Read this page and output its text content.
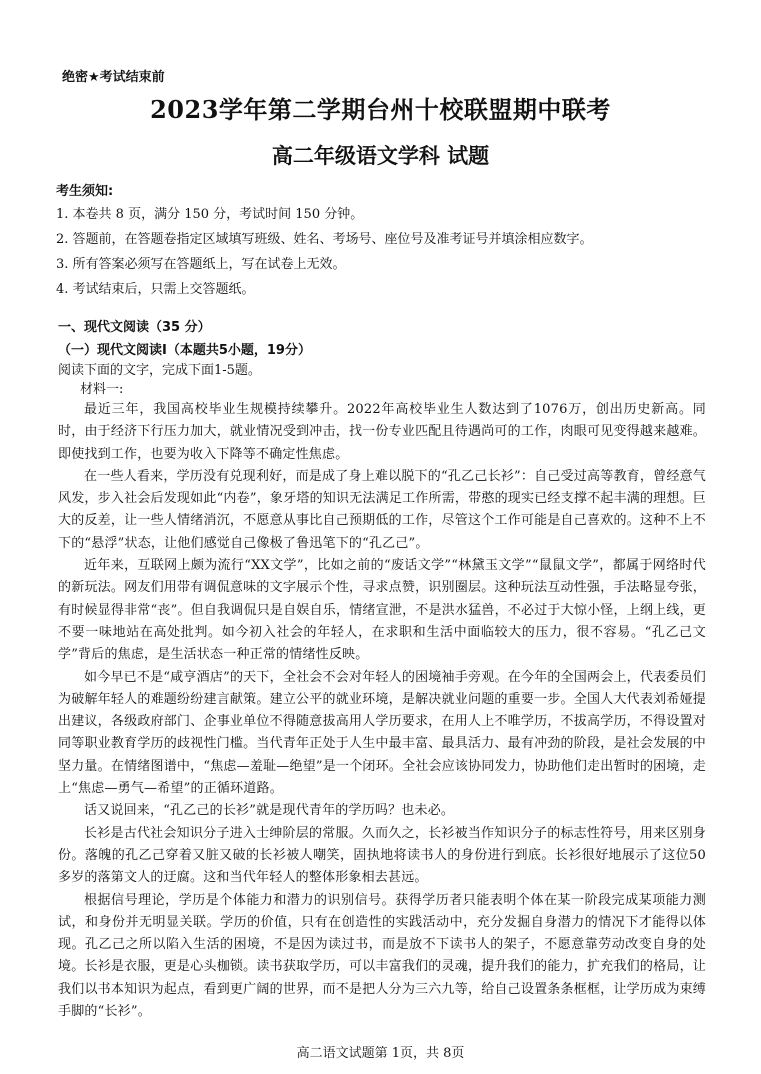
绝密★考试结束前
2023学年第二学期台州十校联盟期中联考
高二年级语文学科 试题
考生须知:
1. 本卷共 8 页，满分 150 分，考试时间 150 分钟。
2. 答题前，在答题卷指定区域填写班级、姓名、考场号、座位号及准考证号并填涂相应数字。
3. 所有答案必须写在答题纸上，写在试卷上无效。
4. 考试结束后，只需上交答题纸。
一、现代文阅读（35 分）
（一）现代文阅读Ⅰ（本题共5小题，19分）
阅读下面的文字，完成下面1-5题。
材料一:

最近三年，我国高校毕业生规模持续攀升。2022年高校毕业生人数达到了1076万，创出历史新高。同时，由于经济下行压力加大，就业情况受到冲击，找一份专业匹配且待遇尚可的工作，肉眼可见变得越来越难。即使找到工作，也要为收入下降等不确定性焦虑。

在一些人看来，学历没有兑现利好，而是成了身上难以脱下的“孔乙己长衫”：自己受过高等教育，曾经意气风发，步入社会后发现如此“内卷”，象牙塔的知识无法满足工作所需，带憨的现实已经支撑不起丰满的理想。巨大的反差，让一些人情绪消沉，不愿意从事比自己预期低的工作，尽管这个工作可能是自己喜欢的。这种不上不下的“悬浮”状态，让他们感觉自己像极了鲁迅笔下的“孔乙己”。

近年来，互联网上颇为流行“XX文学”，比如之前的“废话文学”“林黛玉文学”“鼠鼠文学”，都属于网络时代的新玩法。网友们用带有调侃意味的文字展示个性，寻求点赞，识别圈层。这种玩法互动性强，手法略显夸张，有时候显得非常“丧”。但自我调侃只是自娱自乐，情绪宣泄，不是洪水猛兽，不必过于大惊小怪，上纲上线，更不要一味地站在高处批判。如今初入社会的年轻人，在求职和生活中面临较大的压力，很不容易。“孔乙己文学”背后的焦虑，是生活状态一种正常的情绪性反映。

如今早已不是“咸亨酒店”的天下，全社会不会对年轻人的困境袖手旁观。在今年的全国两会上，代表委员们为破解年轻人的难题纷纷建言献策。建立公平的就业环境，是解决就业问题的重要一步。全国人大代表刘希娅提出建议，各级政府部门、企事业单位不得随意拔高用人学历要求，在用人上不唯学历，不拔高学历，不得设置对同等职业教育学历的歧视性门槛。当代青年正处于人生中最丰富、最具活力、最有冲劲的阶段，是社会发展的中坚力量。在情绪图谱中，“焦虑—羞耻—绝望”是一个闭环。全社会应该协同发力，协助他们走出暂时的困境，走上“焦虑—勇气—希望”的正循环道路。

话又说回来，“孔乙己的长衫”就是现代青年的学历吗？也未必。

长衫是古代社会知识分子进入士绅阶层的常服。久而久之，长衫被当作知识分子的标志性符号，用来区别身份。落魄的孔乙己穿着又脏又破的长衫被人嘲笑，固执地将读书人的身份进行到底。长衫很好地展示了这位50多岁的落第文人的迂腐。这和当代年轻人的整体形象相去甚远。

根据信号理论，学历是个体能力和潜力的识别信号。获得学历者只能表明个体在某一阶段完成某项能力测试，和身份并无明显关联。学历的价值，只有在创造性的实践活动中，充分发掘自身潜力的情况下才能得以体现。孔乙己之所以陷入生活的困境，不是因为读过书，而是放不下读书人的架子，不愿意靠劳动改变自身的处境。长衫是衣服，更是心头枷锁。读书获取学历，可以丰富我们的灵魂，提升我们的能力，扩充我们的格局，让我们以书本知识为起点，看到更广阔的世界，而不是把人分为三六九等，给自己设置条条框框，让学历成为束缚手脚的“长衫”。

高二语文试题第 1页，共 8页
